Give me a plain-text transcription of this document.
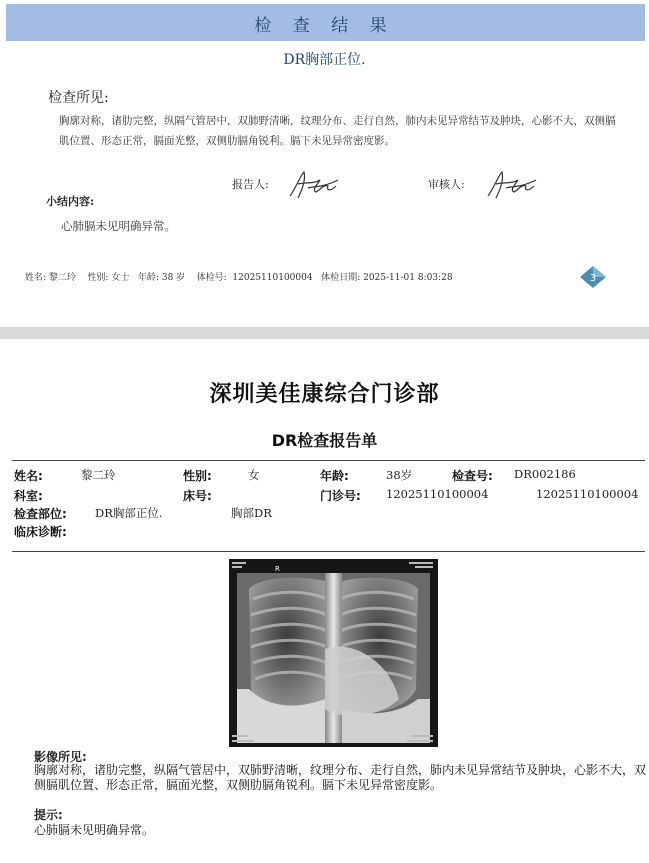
检 查 结 果
DR胸部正位.
检查所见:
胸廓对称，诸肋完整，纵隔气管居中，双肺野清晰，纹理分布、走行自然，肺内未见异常结节及肿块，心影不大，双侧膈肌位置、形态正常，膈面光整，双侧肋膈角锐利。膈下未见异常密度影。
报告人:	审核人:
小结内容:
心肺膈未见明确异常。
姓名: 黎二玲 性别: 女士 年龄: 38 岁 体检号: 12025110100004 体检日期: 2025-11-01 8:03:28	3
深圳美佳康综合门诊部
DR检查报告单
姓名:	黎二玲	性别:	女	年龄:	38岁	检查号: DR002186
科室:	床号:	门诊号: 12025110100004	12025110100004
检查部位: DR胸部正位.	胸部DR
临床诊断:
R
影像所见:
胸廓对称，诸肋完整，纵隔气管居中，双肺野清晰，纹理分布、走行自然，肺内未见异常结节及肿块，心影不大，双侧膈肌位置、形态正常，膈面光整，双侧肋膈角锐利。膈下未见异常密度影。
提示:
心肺膈未见明确异常。
